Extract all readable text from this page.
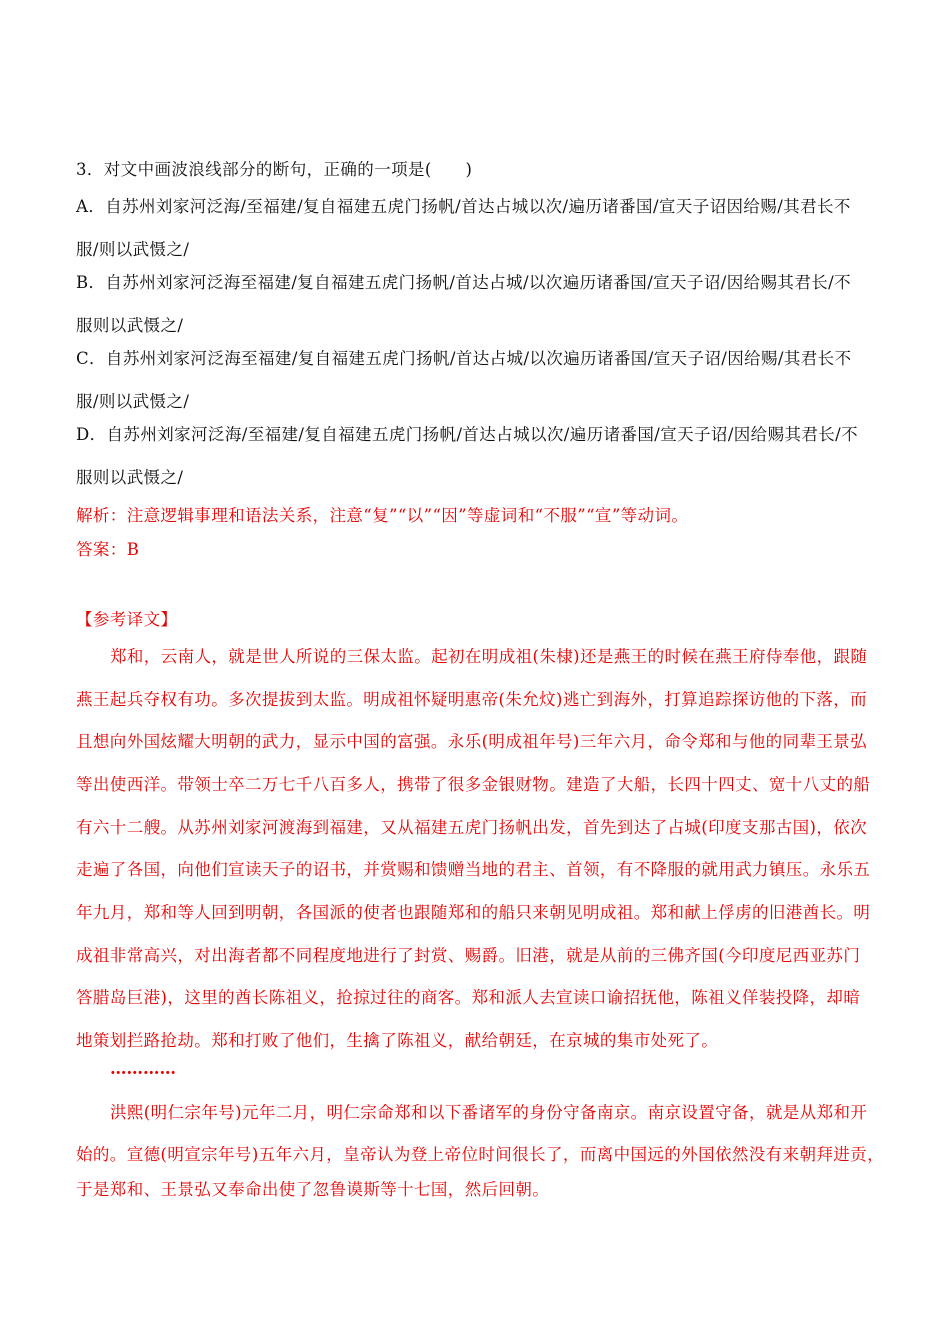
3．对文中画波浪线部分的断句，正确的一项是(　　)
A．自苏州刘家河泛海/至福建/复自福建五虎门扬帆/首达占城以次/遍历诸番国/宣天子诏因给赐/其君长不
服/则以武慑之/
B．自苏州刘家河泛海至福建/复自福建五虎门扬帆/首达占城/以次遍历诸番国/宣天子诏/因给赐其君长/不
服则以武慑之/
C．自苏州刘家河泛海至福建/复自福建五虎门扬帆/首达占城/以次遍历诸番国/宣天子诏/因给赐/其君长不
服/则以武慑之/
D．自苏州刘家河泛海/至福建/复自福建五虎门扬帆/首达占城以次/遍历诸番国/宣天子诏/因给赐其君长/不
服则以武慑之/
解析：注意逻辑事理和语法关系，注意“复”“以”“因”等虚词和“不服”“宣”等动词。
答案：B
【参考译文】
郑和，云南人，就是世人所说的三保太监。起初在明成祖(朱棣)还是燕王的时候在燕王府侍奉他，跟随
燕王起兵夺权有功。多次提拔到太监。明成祖怀疑明惠帝(朱允炆)逃亡到海外，打算追踪探访他的下落，而
且想向外国炫耀大明朝的武力，显示中国的富强。永乐(明成祖年号)三年六月，命令郑和与他的同辈王景弘
等出使西洋。带领士卒二万七千八百多人，携带了很多金银财物。建造了大船，长四十四丈、宽十八丈的船
有六十二艘。从苏州刘家河渡海到福建，又从福建五虎门扬帆出发，首先到达了占城(印度支那古国)，依次
走遍了各国，向他们宣读天子的诏书，并赏赐和馈赠当地的君主、首领，有不降服的就用武力镇压。永乐五
年九月，郑和等人回到明朝，各国派的使者也跟随郑和的船只来朝见明成祖。郑和献上俘虏的旧港酋长。明
成祖非常高兴，对出海者都不同程度地进行了封赏、赐爵。旧港，就是从前的三佛齐国(今印度尼西亚苏门
答腊岛巨港)，这里的酋长陈祖义，抢掠过往的商客。郑和派人去宣读口谕招抚他，陈祖义佯装投降，却暗
地策划拦路抢劫。郑和打败了他们，生擒了陈祖义，献给朝廷，在京城的集市处死了。
…………
洪熙(明仁宗年号)元年二月，明仁宗命郑和以下番诸军的身份守备南京。南京设置守备，就是从郑和开
始的。宣德(明宣宗年号)五年六月，皇帝认为登上帝位时间很长了，而离中国远的外国依然没有来朝拜进贡，
于是郑和、王景弘又奉命出使了忽鲁谟斯等十七国，然后回朝。
